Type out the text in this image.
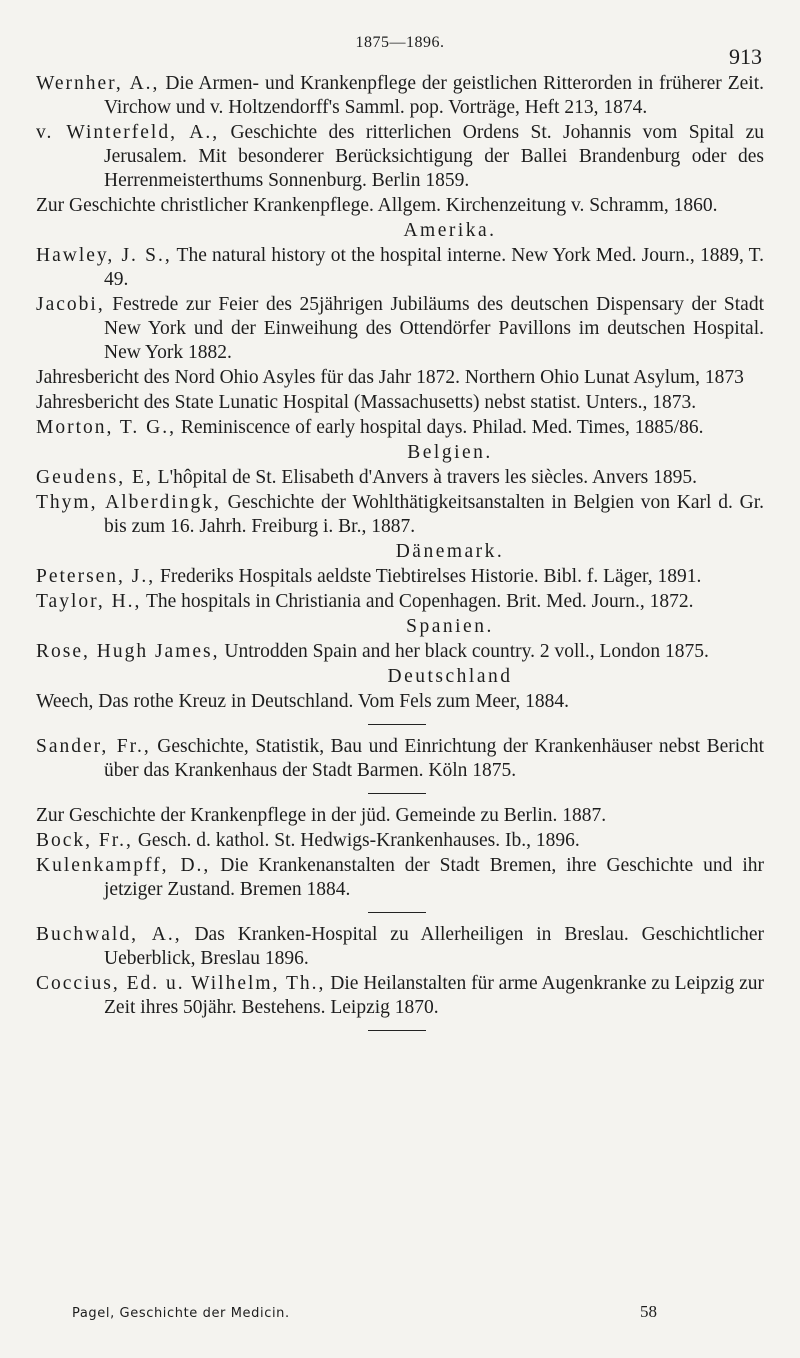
1875—1896.
913

Wernher, A., Die Armen- und Krankenpflege der geistlichen Ritterorden in früherer Zeit. Virchow und v. Holtzendorff's Samml. pop. Vorträge, Heft 213, 1874.

v. Winterfeld, A., Geschichte des ritterlichen Ordens St. Johannis vom Spital zu Jerusalem. Mit besonderer Berücksichtigung der Ballei Brandenburg oder des Herrenmeisterthums Sonnenburg. Berlin 1859.

Zur Geschichte christlicher Krankenpflege. Allgem. Kirchenzeitung v. Schramm, 1860.

Amerika.

Hawley, J. S., The natural history ot the hospital interne. New York Med. Journ., 1889, T. 49.

Jacobi, Festrede zur Feier des 25jährigen Jubiläums des deutschen Dispensary der Stadt New York und der Einweihung des Ottendörfer Pavillons im deutschen Hospital. New York 1882.

Jahresbericht des Nord Ohio Asyles für das Jahr 1872. Northern Ohio Lunat Asylum, 1873

Jahresbericht des State Lunatic Hospital (Massachusetts) nebst statist. Unters., 1873.

Morton, T. G., Reminiscence of early hospital days. Philad. Med. Times, 1885/86.

Belgien.

Geudens, E, L'hôpital de St. Elisabeth d'Anvers à travers les siècles. Anvers 1895.

Thym, Alberdingk, Geschichte der Wohlthätigkeitsanstalten in Belgien von Karl d. Gr. bis zum 16. Jahrh. Freiburg i. Br., 1887.

Dänemark.

Petersen, J., Frederiks Hospitals aeldste Tiebtirelses Historie. Bibl. f. Läger, 1891.

Taylor, H., The hospitals in Christiania and Copenhagen. Brit. Med. Journ., 1872.

Spanien.

Rose, Hugh James, Untrodden Spain and her black country. 2 voll., London 1875.

Deutschland

Weech, Das rothe Kreuz in Deutschland. Vom Fels zum Meer, 1884.

Sander, Fr., Geschichte, Statistik, Bau und Einrichtung der Krankenhäuser nebst Bericht über das Krankenhaus der Stadt Barmen. Köln 1875.

Zur Geschichte der Krankenpflege in der jüd. Gemeinde zu Berlin. 1887.

Bock, Fr., Gesch. d. kathol. St. Hedwigs-Krankenhauses. Ib., 1896.

Kulenkampff, D., Die Krankenanstalten der Stadt Bremen, ihre Geschichte und ihr jetziger Zustand. Bremen 1884.

Buchwald, A., Das Kranken-Hospital zu Allerheiligen in Breslau. Geschichtlicher Ueberblick, Breslau 1896.

Coccius, Ed. u. Wilhelm, Th., Die Heilanstalten für arme Augenkranke zu Leipzig zur Zeit ihres 50jähr. Bestehens. Leipzig 1870.

Pagel, Geschichte der Medicin.	58
